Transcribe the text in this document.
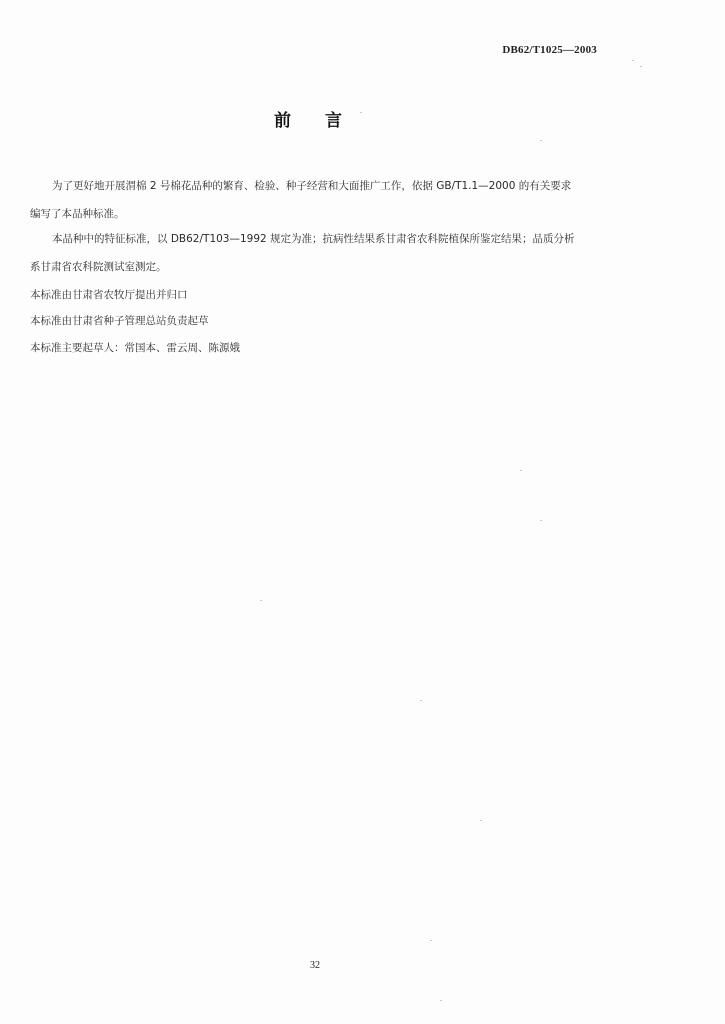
DB62/T1025—2003
前 言
为了更好地开展渭棉 2 号棉花品种的繁育、检验、种子经营和大面推广工作，依据 GB/T1.1—2000 的有关要求
编写了本品种标准。
本品种中的特征标准，以 DB62/T103—1992 规定为准；抗病性结果系甘肃省农科院植保所鉴定结果；品质分析
系甘肃省农科院测试室测定。
本标准由甘肃省农牧厅提出并归口
本标准由甘肃省种子管理总站负责起草
本标准主要起草人：常国本、雷云周、陈源娥
32
